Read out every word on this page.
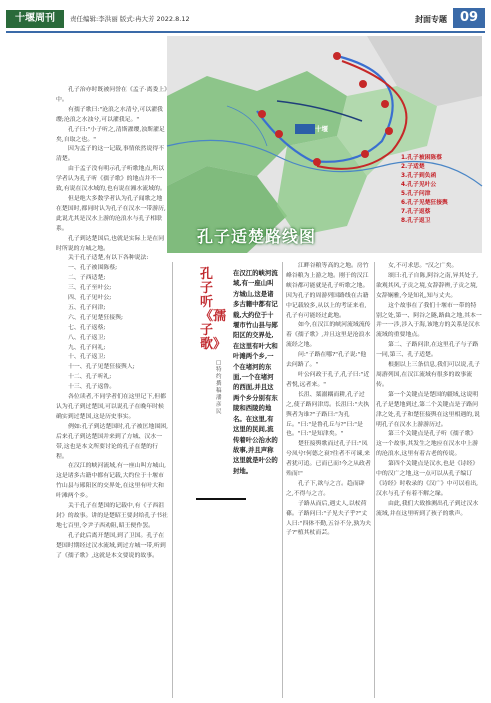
十堰周刊	责任编辑:李洪丽 版式:冉大芳 2022.8.12	封面专题 09
十堰
1.孔子被困陈蔡
2.子适楚
3.孔子到负函
4.孔子见叶公
5.孔子问津
6.孔子见楚狂接舆
7.孔子返蔡
8.孔子返卫
孔子适楚路线图

孔子治亦时既被问誉在《孟子·离娄上》中。

有孺子歌曰:"沧浪之水清兮,可以濯我缨;沧浪之水浊兮,可以濯我足。"

孔子曰:"小子听之,清斯濯缨,浊斯濯足矣,自取之也。"

因为孟子的这一记载,事情依然说得不清楚。

由于孟子没有明示孔子听歌地点,所以学者认为孔子听《孺子歌》的地点并不一致,有说在汉水域的,也有说在湘水流域的。

但是绝大多数学者认为孔子闻歌之地在楚国时,都同时认为孔子在汉水一带游历,此说尤其是汉水上游的沧浪水与孔子相联系。

孔子到达楚国后,也就是实际上是在同时所说的方城之地。

关于孔子适楚,有以下各种说法:

一、孔子被围陈蔡;

二、子西适楚;

三、孔子至叶公;

四、孔子见叶公;

五、孔子问津;

六、孔子见楚狂接舆;

七、孔子返蔡;

八、孔子返卫;

九、孔子问礼;

十、孔子返卫;

十一、孔子见楚狂接舆人;

十二、孔子听礼;

十三、孔子返鲁。

各位读者,不同学者们在这里记下,但都认为孔子到过楚国,可以说孔子在晚年时候确实到过楚国,这是历史事实。

例如:孔子到达楚国时,孔子被匡地围困,后来孔子到达楚国并来到了方城、汉水一带,这也是本文所要讨论的孔子在楚的行程。

在汉江的峡河流域,有一座山叫方城山,这是诸多古籍中都有记载,大约位于十堰市竹山县与郧阳区的交界处,在这里有叶大和叶滩两个乡。

关于孔子在楚国的记载中,有《子西沮封》的故事。讲的是楚昭王要封给孔子书社地七百里,令尹子西劝阻,昭王便作罢。

孔子此后离开楚国,到了卫国。孔子在楚国时期经过汉水流域,到过方城一带,听到了《孺子歌》,这就是本文要说的故事。

孔子听《孺子歌》
□特约撰稿 潘彦民
在汉江的峡河流域,有一座山叫方城山,这是诸多古籍中都有记载,大约位于十堰市竹山县与郧阳区的交界处,在这里有叶大和叶滩两个乡,一个在堵河的东面,一个在堵河的西面,并且这两个乡分别有东陵和西陵的地名。在这里,有这里的民间,流传着叶公治水的故事,并且声称这里就是叶公的封地。

江畔谷粮等高的之地。房竹峰谷粮为上游之地。刚于的汉江峡谷都可能就是孔子听歌之地。因为孔子的周游列国路线在古籍中记载较多,从以上的考证来看,孔子有可能经过此地。

如今,在汉江的峡河流域流传着《孺子歌》,并且这里是沧浪水流经之地。

问:"子路在哪?"孔子说:"他去问路了。"

叶公问政于孔子,孔子曰:"近者悦,远者来。"

长沮、桀溺耦而耕,孔子过之,使子路问津焉。长沮曰:"夫执舆者为谁?"子路曰:"为孔丘。"曰:"是鲁孔丘与?"曰:"是也。"曰:"是知津矣。"

楚狂接舆歌而过孔子曰:"凤兮凤兮!何德之衰?往者不可谏,来者犹可追。已而已而!今之从政者殆而!"

孔子下,欲与之言。趋而辟之,不得与之言。

子路从而后,遇丈人,以杖荷蓧。子路问曰:"子见夫子乎?"丈人曰:"四体不勤,五谷不分,孰为夫子?"植其杖而芸。

女,不可求思。"汉之广矣。

颂曰:孔子自陈,阿谷之南,异其处子,欲观其风,子贡之境,女辞辞辨,子贡之境,女辞娴雅,今是知礼,知与丈夫。

这个故事在了我们十堰市一带的特别之处,第一、阿谷之隧,路曲之地,其本一并一一涉,涉入于海,该地方的关系是汉水流域的重要地点。

第二、子路问津,在这里孔子与子路一同,第三、孔子适楚。

根据以上三条信息,我们可以说,孔子周游列国,在汉江流域有很多的故事流传。

第一个关键点是楚国的疆域,这说明孔子是楚地到过,第二个关键点是子路问津之处,孔子和楚狂接舆在这里相遇的,说明孔子在汉水上游游历过。

第三个关键点是孔子听《孺子歌》这一个故事,其发生之地应在汉水中上游的沧浪水,这里有着古老的传说。

第四个关键点是汉水,也是《诗经》中的汉广之地,这一点可以从孔子编订《诗经》时收录的《汉广》中可以看出,汉水与孔子有着不解之缘。

由此,我们大致推测出孔子到过汉水流域,并在这里听到了孩子的歌声。
